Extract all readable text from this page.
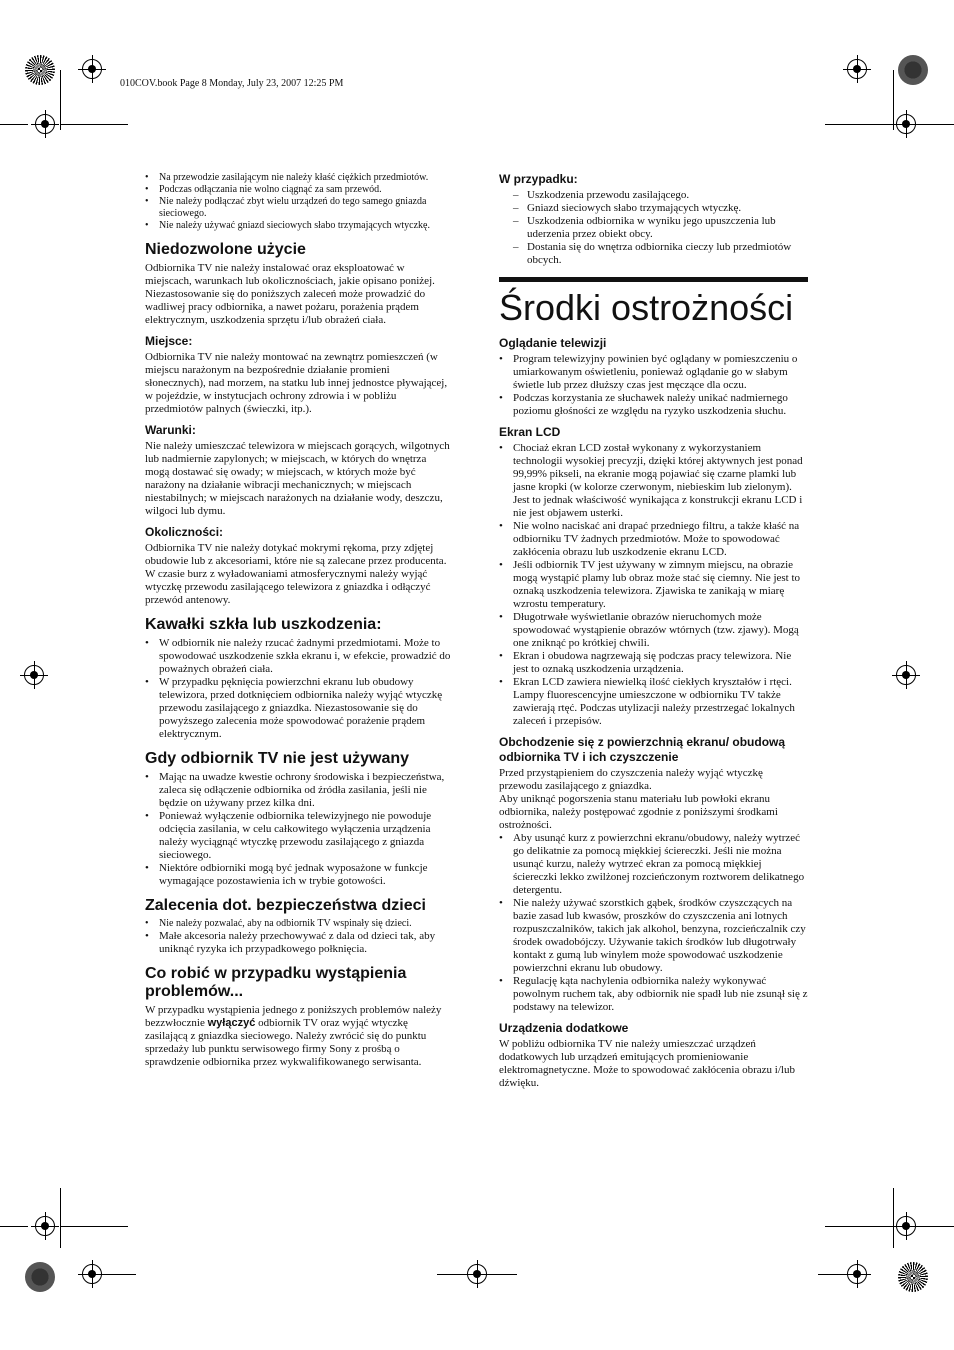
010COV.book Page 8 Monday, July 23, 2007 12:25 PM
• Na przewodzie zasilającym nie należy kłaść ciężkich przedmiotów.
• Podczas odłączania nie wolno ciągnąć za sam przewód.
• Nie należy podłączać zbyt wielu urządzeń do tego samego gniazda sieciowego.
• Nie należy używać gniazd sieciowych słabo trzymających wtyczkę.
Niedozwolone użycie

Odbiornika TV nie należy instalować oraz eksploatować w miejscach, warunkach lub okolicznościach, jakie opisano poniżej. Niezastosowanie się do poniższych zaleceń może prowadzić do wadliwej pracy odbiornika, a nawet pożaru, porażenia prądem elektrycznym, uszkodzenia sprzętu i/lub obrażeń ciała.

Miejsce:

Odbiornika TV nie należy montować na zewnątrz pomieszczeń (w miejscu narażonym na bezpośrednie działanie promieni słonecznych), nad morzem, na statku lub innej jednostce pływającej, w pojeździe, w instytucjach ochrony zdrowia i w pobliżu przedmiotów palnych (świeczki, itp.).

Warunki:

Nie należy umieszczać telewizora w miejscach gorących, wilgotnych lub nadmiernie zapylonych; w miejscach, w których do wnętrza mogą dostawać się owady; w miejscach, w których może być narażony na działanie wibracji mechanicznych; w miejscach niestabilnych; w miejscach narażonych na działanie wody, deszczu, wilgoci lub dymu.

Okoliczności:

Odbiornika TV nie należy dotykać mokrymi rękoma, przy zdjętej obudowie lub z akcesoriami, które nie są zalecane przez producenta. W czasie burz z wyładowaniami atmosferycznymi należy wyjąć wtyczkę przewodu zasilającego telewizora z gniazdka i odłączyć przewód antenowy.

Kawałki szkła lub uszkodzenia:
• W odbiornik nie należy rzucać żadnymi przedmiotami. Może to spowodować uszkodzenie szkła ekranu i, w efekcie, prowadzić do poważnych obrażeń ciała.
• W przypadku pęknięcia powierzchni ekranu lub obudowy telewizora, przed dotknięciem odbiornika należy wyjąć wtyczkę przewodu zasilającego z gniazdka. Niezastosowanie się do powyższego zalecenia może spowodować porażenie prądem elektrycznym.
Gdy odbiornik TV nie jest używany
• Mając na uwadze kwestie ochrony środowiska i bezpieczeństwa, zaleca się odłączenie odbiornika od źródła zasilania, jeśli nie będzie on używany przez kilka dni.
• Ponieważ wyłączenie odbiornika telewizyjnego nie powoduje odcięcia zasilania, w celu całkowitego wyłączenia urządzenia należy wyciągnąć wtyczkę przewodu zasilającego z gniazda sieciowego.
• Niektóre odbiorniki mogą być jednak wyposażone w funkcje wymagające pozostawienia ich w trybie gotowości.
Zalecenia dot. bezpieczeństwa dzieci
• Nie należy pozwalać, aby na odbiornik TV wspinały się dzieci.
• Małe akcesoria należy przechowywać z dala od dzieci tak, aby uniknąć ryzyka ich przypadkowego połknięcia.
Co robić w przypadku wystąpienia problemów...

W przypadku wystąpienia jednego z poniższych problemów należy bezzwłocznie wyłączyć odbiornik TV oraz wyjąć wtyczkę zasilającą z gniazdka sieciowego. Należy zwrócić się do punktu sprzedaży lub punktu serwisowego firmy Sony z prośbą o sprawdzenie odbiornika przez wykwalifikowanego serwisanta.

W przypadku:
– Uszkodzenia przewodu zasilającego.
– Gniazd sieciowych słabo trzymających wtyczkę.
– Uszkodzenia odbiornika w wyniku jego upuszczenia lub uderzenia przez obiekt obcy.
– Dostania się do wnętrza odbiornika cieczy lub przedmiotów obcych.
Środki ostrożności
Oglądanie telewizji
• Program telewizyjny powinien być oglądany w pomieszczeniu o umiarkowanym oświetleniu, ponieważ oglądanie go w słabym świetle lub przez dłuższy czas jest męczące dla oczu.
• Podczas korzystania ze słuchawek należy unikać nadmiernego poziomu głośności ze względu na ryzyko uszkodzenia słuchu.
Ekran LCD
• Chociaż ekran LCD został wykonany z wykorzystaniem technologii wysokiej precyzji, dzięki której aktywnych jest ponad 99,99% pikseli, na ekranie mogą pojawiać się czarne plamki lub jasne kropki (w kolorze czerwonym, niebieskim lub zielonym). Jest to jednak właściwość wynikająca z konstrukcji ekranu LCD i nie jest objawem usterki.
• Nie wolno naciskać ani drapać przedniego filtru, a także kłaść na odbiorniku TV żadnych przedmiotów. Może to spowodować zakłócenia obrazu lub uszkodzenie ekranu LCD.
• Jeśli odbiornik TV jest używany w zimnym miejscu, na obrazie mogą wystąpić plamy lub obraz może stać się ciemny. Nie jest to oznaką uszkodzenia telewizora. Zjawiska te zanikają w miarę wzrostu temperatury.
• Długotrwałe wyświetlanie obrazów nieruchomych może spowodować wystąpienie obrazów wtórnych (tzw. zjawy). Mogą one zniknąć po krótkiej chwili.
• Ekran i obudowa nagrzewają się podczas pracy telewizora. Nie jest to oznaką uszkodzenia urządzenia.
• Ekran LCD zawiera niewielką ilość ciekłych kryształów i rtęci. Lampy fluorescencyjne umieszczone w odbiorniku TV także zawierają rtęć. Podczas utylizacji należy przestrzegać lokalnych zaleceń i przepisów.
Obchodzenie się z powierzchnią ekranu/ obudową odbiornika TV i ich czyszczenie

Przed przystąpieniem do czyszczenia należy wyjąć wtyczkę przewodu zasilającego z gniazdka.

Aby uniknąć pogorszenia stanu materiału lub powłoki ekranu odbiornika, należy postępować zgodnie z poniższymi środkami ostrożności.

• Aby usunąć kurz z powierzchni ekranu/obudowy, należy wytrzeć go delikatnie za pomocą miękkiej ściereczki. Jeśli nie można usunąć kurzu, należy wytrzeć ekran za pomocą miękkiej ściereczki lekko zwilżonej rozcieńczonym roztworem delikatnego detergentu.
• Nie należy używać szorstkich gąbek, środków czyszczących na bazie zasad lub kwasów, proszków do czyszczenia ani lotnych rozpuszczalników, takich jak alkohol, benzyna, rozcieńczalnik czy środek owadobójczy. Używanie takich środków lub długotrwały kontakt z gumą lub winylem może spowodować uszkodzenie powierzchni ekranu lub obudowy.
• Regulację kąta nachylenia odbiornika należy wykonywać powolnym ruchem tak, aby odbiornik nie spadł lub nie zsunął się z podstawy na telewizor.
Urządzenia dodatkowe

W pobliżu odbiornika TV nie należy umieszczać urządzeń dodatkowych lub urządzeń emitujących promieniowanie elektromagnetyczne. Może to spowodować zakłócenia obrazu i/lub dźwięku.
